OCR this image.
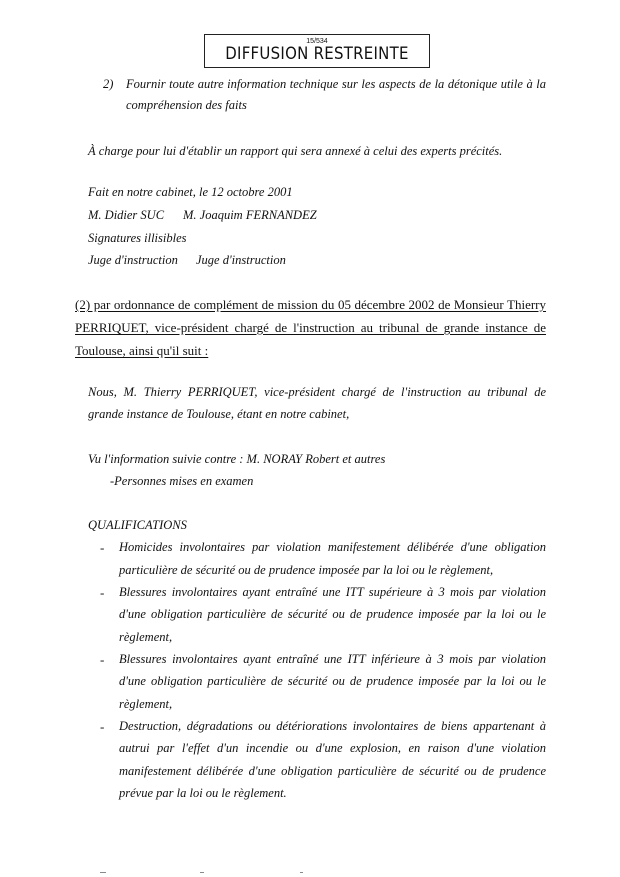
15/534
DIFFUSION RESTREINTE
2) Fournir toute autre information technique sur les aspects de la détonique utile à la
compréhension des faits
À charge pour lui d'établir un rapport qui sera annexé à celui des experts précités.
Fait en notre cabinet, le 12 octobre 2001
M. Didier SUC M. Joaquim FERNANDEZ
Signatures illisibles
Juge d'instruction Juge d'instruction
(2) par ordonnance de complément de mission du 05 décembre 2002 de Monsieur Thierry
PERRIQUET, vice-président chargé de l'instruction au tribunal de grande instance de
Toulouse, ainsi qu'il suit :
Nous, M. Thierry PERRIQUET, vice-président chargé de l'instruction au tribunal de
grande instance de Toulouse, étant en notre cabinet,
Vu l'information suivie contre : M. NORAY Robert et autres
-Personnes mises en examen
QUALIFICATIONS
- Homicides involontaires par violation manifestement délibérée d'une obligation
particulière de sécurité ou de prudence imposée par la loi ou le règlement,
- Blessures involontaires ayant entraîné une ITT supérieure à 3 mois par violation
d'une obligation particulière de sécurité ou de prudence imposée par la loi ou le
règlement,
- Blessures involontaires ayant entraîné une ITT inférieure à 3 mois par violation
d'une obligation particulière de sécurité ou de prudence imposée par la loi ou le
règlement,
- Destruction, dégradations ou détériorations involontaires de biens appartenant à
autrui par l'effet d'un incendie ou d'une explosion, en raison d'une violation
manifestement délibérée d'une obligation particulière de sécurité ou de prudence
prévue par la loi ou le règlement.
